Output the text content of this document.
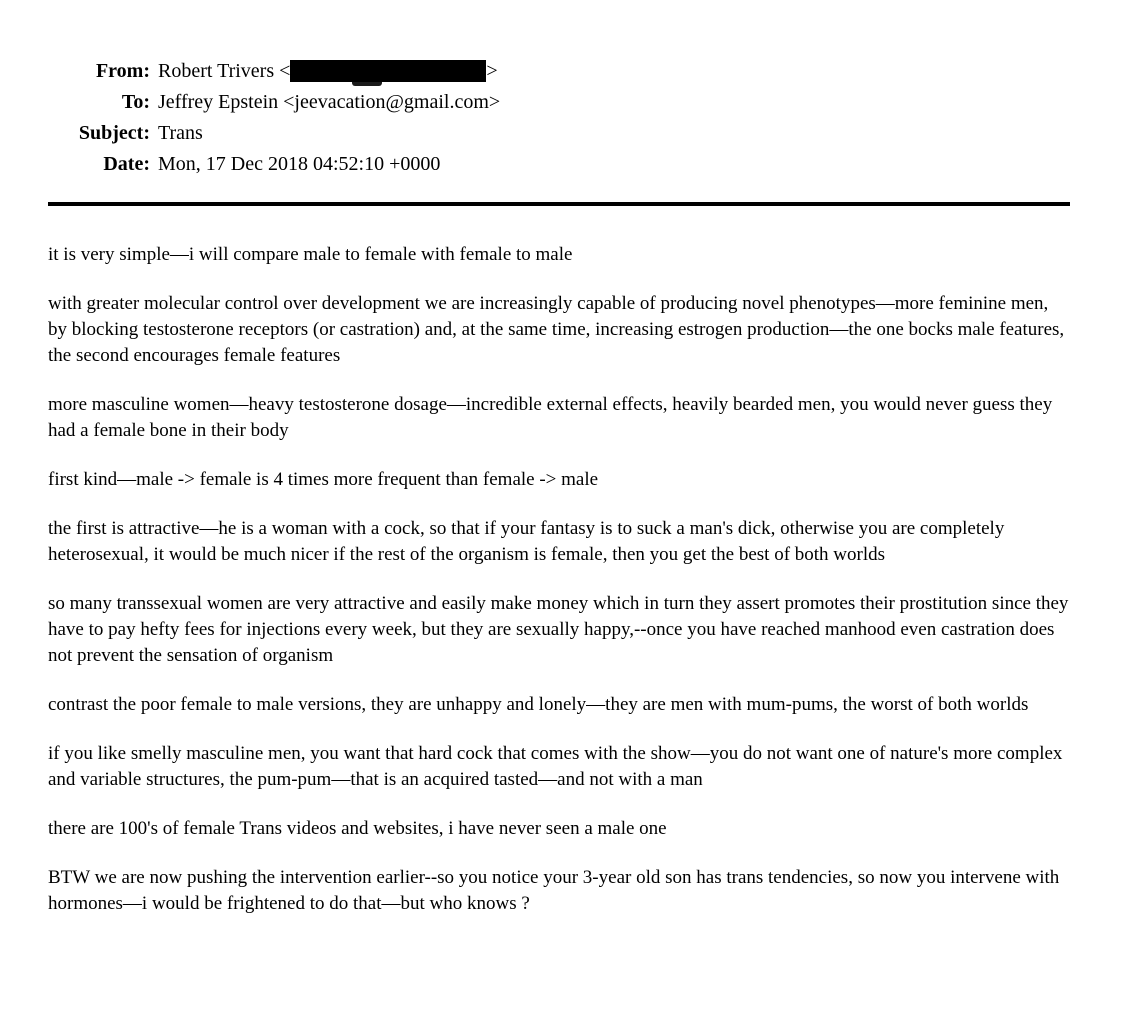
From: Robert Trivers <	>
To: Jeffrey Epstein <jeevacation@gmail.com>
Subject: Trans
Date: Mon, 17 Dec 2018 04:52:10 +0000

it is very simple—i will compare male to female with female to male

with greater molecular control over development we are increasingly capable of producing novel phenotypes—more feminine men, by blocking testosterone receptors (or castration) and, at the same time, increasing estrogen production—the one bocks male features, the second encourages female features

more masculine women—heavy testosterone dosage—incredible external effects, heavily bearded men, you would never guess they had a female bone in their body

first kind—male -> female is 4 times more frequent than female -> male

the first is attractive—he is a woman with a cock, so that if your fantasy is to suck a man's dick, otherwise you are completely heterosexual, it would be much nicer if the rest of the organism is female, then you get the best of both worlds

so many transsexual women are very attractive and easily make money which in turn they assert promotes their prostitution since they have to pay hefty fees for injections every week, but they are sexually happy,--once you have reached manhood even castration does not prevent the sensation of organism

contrast the poor female to male versions, they are unhappy and lonely—they are men with mum-pums, the worst of both worlds

if you like smelly masculine men, you want that hard cock that comes with the show—you do not want one of nature's more complex and variable structures, the pum-pum—that is an acquired tasted—and not with a man

there are 100's of female Trans videos and websites, i have never seen a male one

BTW we are now pushing the intervention earlier--so you notice your 3-year old son has trans tendencies, so now you intervene with hormones—i would be frightened to do that—but who knows ?
